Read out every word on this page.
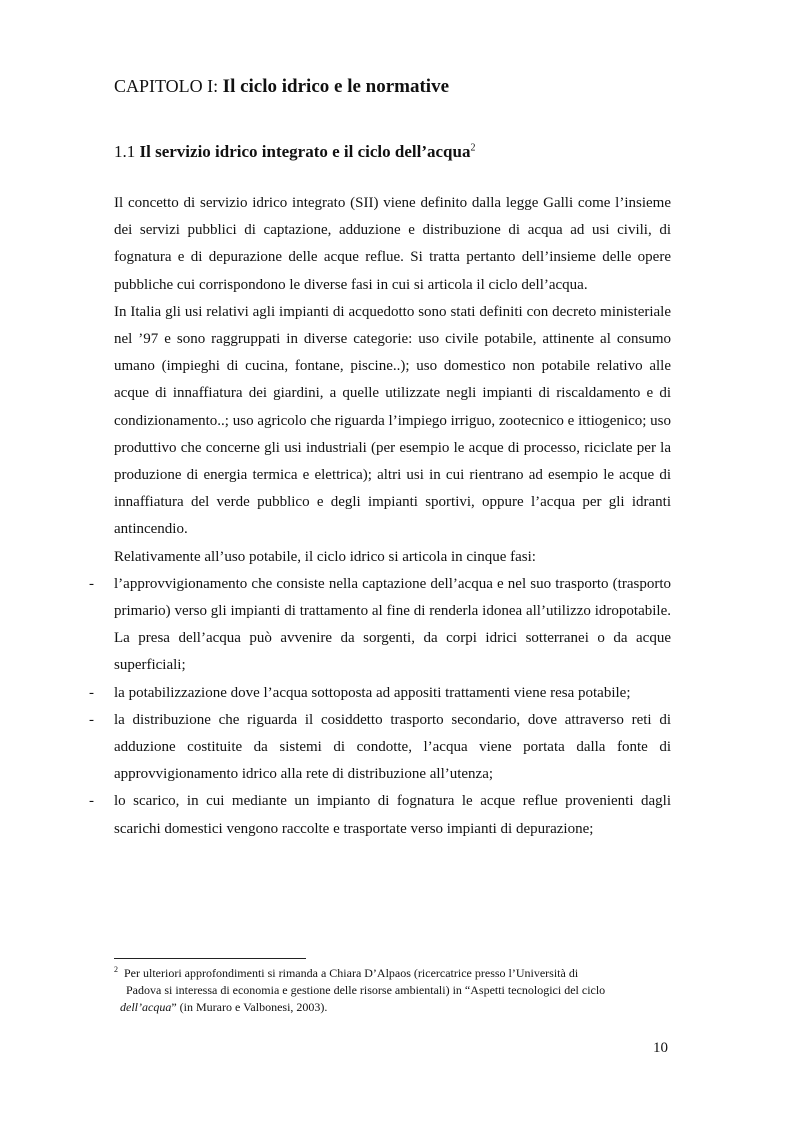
CAPITOLO I: Il ciclo idrico e le normative
1.1 Il servizio idrico integrato e il ciclo dell’acqua$^2$

Il concetto di servizio idrico integrato (SII) viene definito dalla legge Galli come l’insieme dei servizi pubblici di captazione, adduzione e distribuzione di acqua ad usi civili, di fognatura e di depurazione delle acque reflue. Si tratta pertanto dell’insieme delle opere pubbliche cui corrispondono le diverse fasi in cui si articola il ciclo dell’acqua.

In Italia gli usi relativi agli impianti di acquedotto sono stati definiti con decreto ministeriale nel ’97 e sono raggruppati in diverse categorie: uso civile potabile, attinente al consumo umano (impieghi di cucina, fontane, piscine..); uso domestico non potabile relativo alle acque di innaffiatura dei giardini, a quelle utilizzate negli impianti di riscaldamento e di condizionamento..; uso agricolo che riguarda l’impiego irriguo, zootecnico e ittiogenico; uso produttivo che concerne gli usi industriali (per esempio le acque di processo, riciclate per la produzione di energia termica e elettrica); altri usi in cui rientrano ad esempio le acque di innaffiatura del verde pubblico e degli impianti sportivi, oppure l’acqua per gli idranti antincendio.

Relativamente all’uso potabile, il ciclo idrico si articola in cinque fasi:

- l’approvvigionamento che consiste nella captazione dell’acqua e nel suo trasporto (trasporto primario) verso gli impianti di trattamento al fine di renderla idonea all’utilizzo idropotabile. La presa dell’acqua può avvenire da sorgenti, da corpi idrici sotterranei o da acque superficiali;
- la potabilizzazione dove l’acqua sottoposta ad appositi trattamenti viene resa potabile;
- la distribuzione che riguarda il cosiddetto trasporto secondario, dove attraverso reti di adduzione costituite da sistemi di condotte, l’acqua viene portata dalla fonte di approvvigionamento idrico alla rete di distribuzione all’utenza;
- lo scarico, in cui mediante un impianto di fognatura le acque reflue provenienti dagli scarichi domestici vengono raccolte e trasportate verso impianti di depurazione;
$^2$ Per ulteriori approfondimenti si rimanda a Chiara D’Alpaos (ricercatrice presso l’Università di
Padova si interessa di economia e gestione delle risorse ambientali) in “Aspetti tecnologici del ciclo
dell’acqua” (in Muraro e Valbonesi, 2003).
10
